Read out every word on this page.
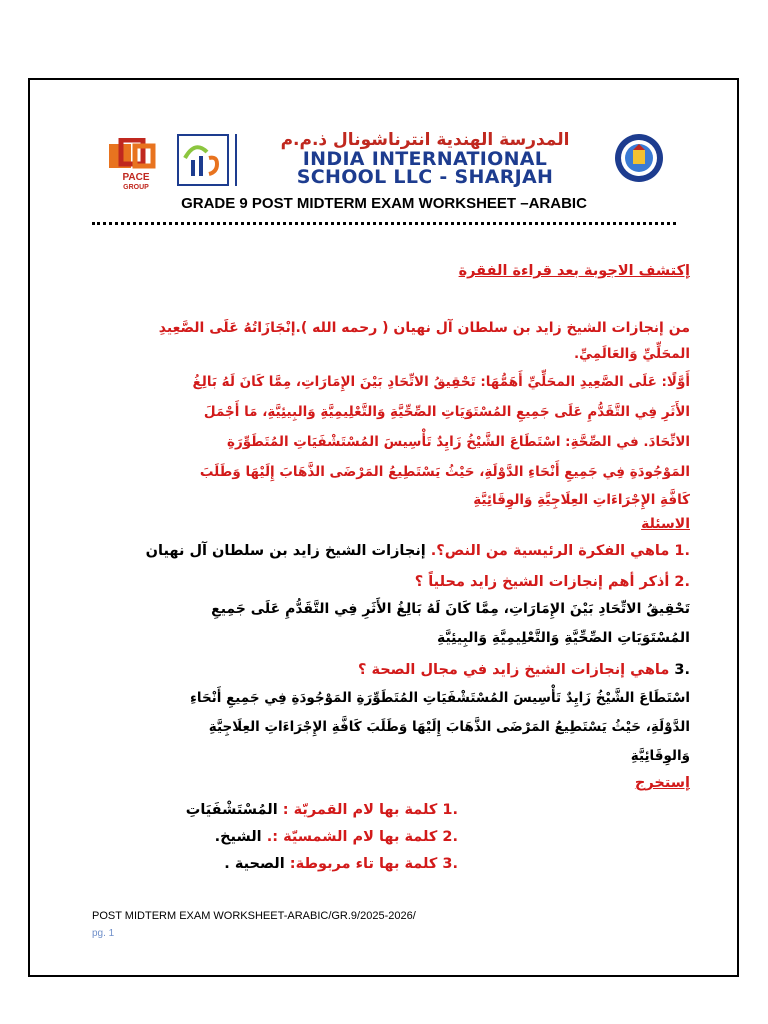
PACE
GROUP
المدرسة الهندية انترناشونال ذ.م.م
INDIA INTERNATIONAL
SCHOOL LLC - SHARJAH
GRADE 9 POST MIDTERM EXAM WORKSHEET –ARABIC
إكتشف الاجوبة بعد قراءة الفقرة
من إنجازات الشيخ زايد بن سلطان آل نهيان ( رحمه الله ).إنْجَازَاتُهُ عَلَى الصَّعِيدِ
المحَلِّيِّ وَالعَالَمِيِّ.
أَوَّلًا: عَلَى الصَّعِيدِ المحَلِّيِّ أَهَمُّهَا: تَحْقِيقُ الاتِّحَادِ بَيْنَ الإِمَارَاتِ، مِمَّا كَانَ لَهُ بَالِغُ
الأَثَرِ فِي التَّقَدُّمِ عَلَى جَمِيعِ المُسْتَوَيَاتِ الصِّحِّيَّةِ وَالتَّعْلِيمِيَّةِ وَالبِيئِيَّةِ، مَا أَجْمَلَ
الاتِّحَادَ. في الصِّحَّةِ: اسْتَطَاعَ الشَّيْخُ زَايِدٌ تَأْسِيسَ المُسْتَشْفَيَاتِ المُتَطَوِّرَةِ
المَوْجُودَةِ فِي جَمِيعِ أَنْحَاءِ الدَّوْلَةِ، حَيْثُ يَسْتَطِيعُ المَرْضَى الذَّهَابَ إِلَيْهَا وَطَلَبَ
كَافَّةِ الإِجْرَاءَاتِ العِلَاجِيَّةِ وَالوِقَائِيَّةِ
الاسئلة
.1 ماهي الفكرة الرئيسية من النص؟. إنجازات الشيخ زايد بن سلطان آل نهيان
.2 أذكر أهم إنجازات الشيخ زايد محلياً ؟
تَحْقِيقُ الاتِّحَادِ بَيْنَ الإِمَارَاتِ، مِمَّا كَانَ لَهُ بَالِغُ الأَثَرِ فِي التَّقَدُّمِ عَلَى جَمِيعِ
المُسْتَوَيَاتِ الصِّحِّيَّةِ وَالتَّعْلِيمِيَّةِ وَالبِيئِيَّةِ
.3 ماهي إنجازات الشيخ زايد في مجال الصحة ؟
اسْتَطَاعَ الشَّيْخُ زَايِدٌ تَأْسِيسَ المُسْتَشْفَيَاتِ المُتَطَوِّرَةِ المَوْجُودَةِ فِي جَمِيعِ أَنْحَاءِ
الدَّوْلَةِ، حَيْثُ يَسْتَطِيعُ المَرْضَى الذَّهَابَ إِلَيْهَا وَطَلَبَ كَافَّةِ الإِجْرَاءَاتِ العِلَاجِيَّةِ
وَالوِقَائِيَّةِ
إستخرج
.1 كلمة بها لام القمريّة : المُسْتَشْفَيَاتِ
.2 كلمة بها لام الشمسيّة :. الشيخ.
.3 كلمة بها تاء مربوطة: الصحية .
POST MIDTERM EXAM WORKSHEET-ARABIC/GR.9/2025-2026/
pg. 1
